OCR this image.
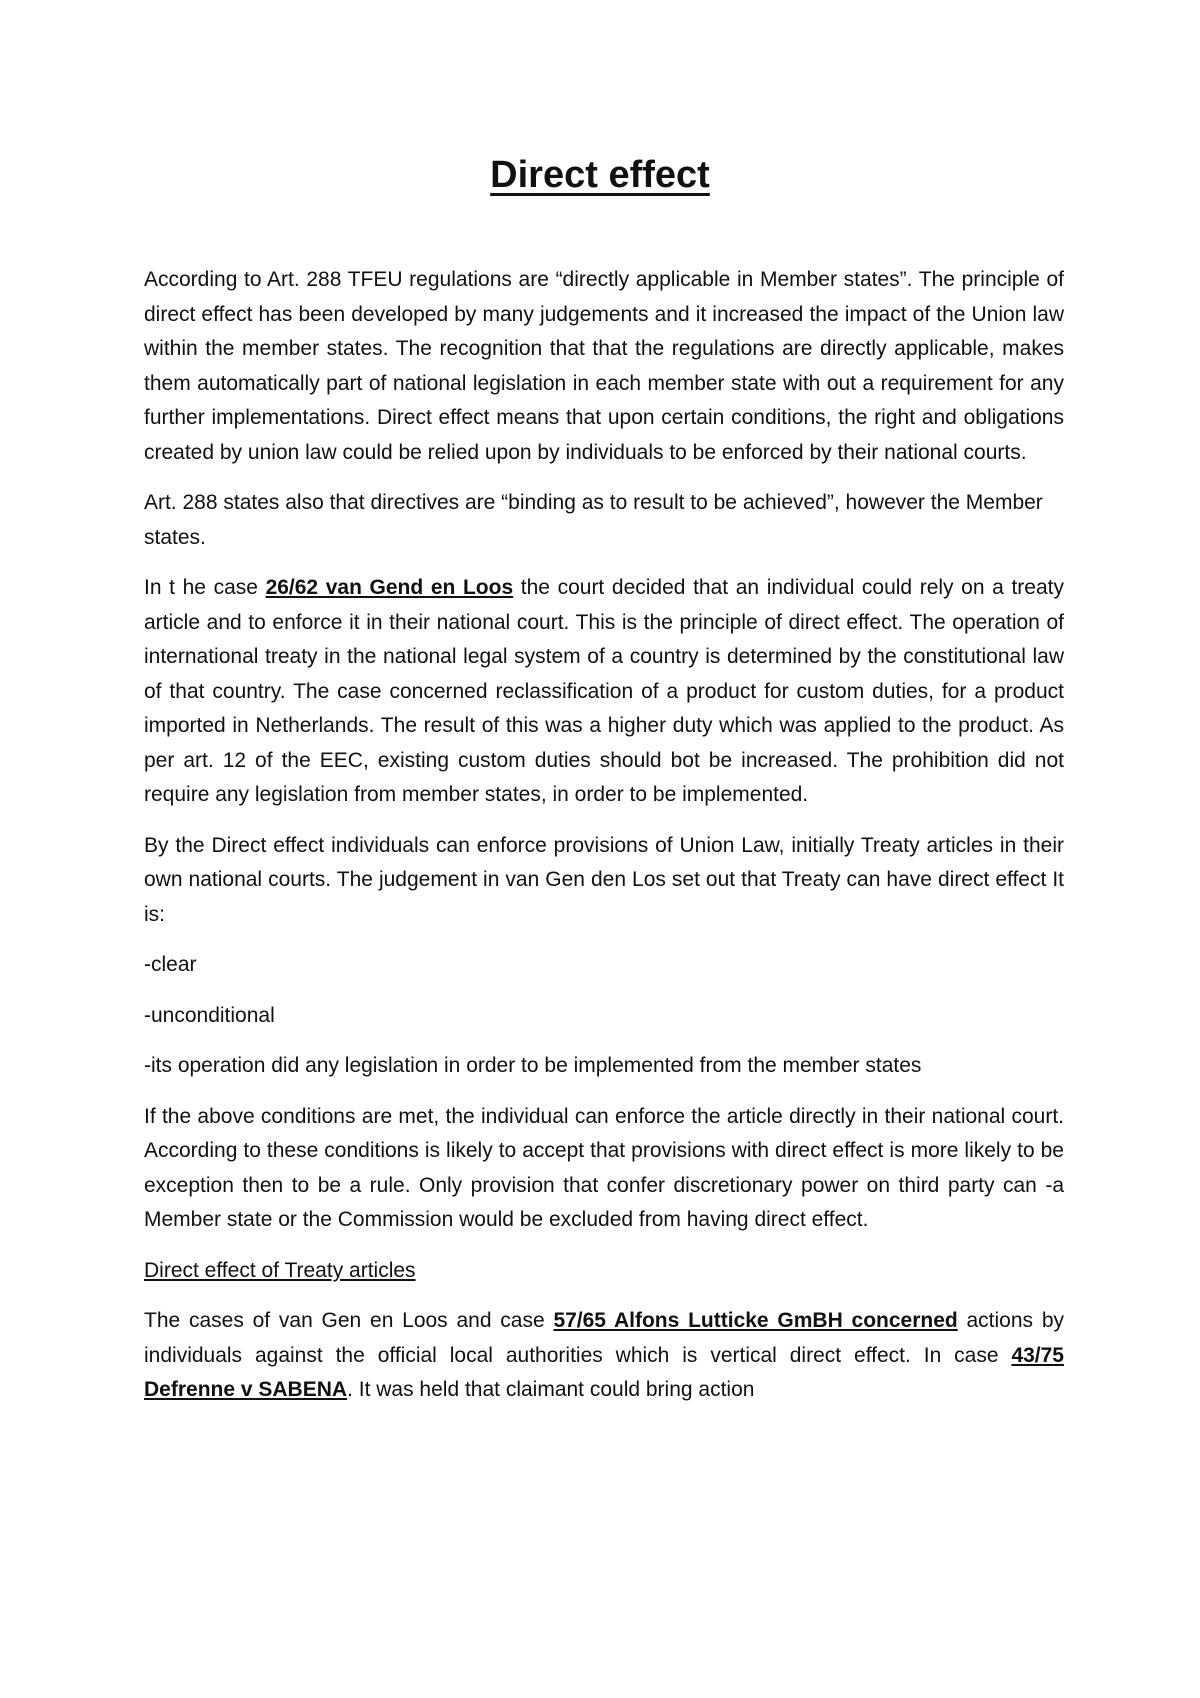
Direct effect

According to Art. 288 TFEU regulations are “directly applicable in Member states”. The principle of direct effect has been developed by many judgements and it increased the impact of the Union law within the member states. The recognition that that the regulations are directly applicable, makes them automatically part of national legislation in each member state with out a requirement for any further implementations. Direct effect means that upon certain conditions, the right and obligations created by union law could be relied upon by individuals to be enforced by their national courts.

Art. 288 states also that directives are “binding as to result to be achieved”, however the Member states.

In t he case 26/62 van Gend en Loos the court decided that an individual could rely on a treaty article and to enforce it in their national court. This is the principle of direct effect. The operation of international treaty in the national legal system of a country is determined by the constitutional law of that country. The case concerned reclassification of a product for custom duties, for a product imported in Netherlands. The result of this was a higher duty which was applied to the product. As per art. 12 of the EEC, existing custom duties should bot be increased. The prohibition did not require any legislation from member states, in order to be implemented.

By the Direct effect individuals can enforce provisions of Union Law, initially Treaty articles in their own national courts. The judgement in van Gen den Los set out that Treaty can have direct effect It is:

-clear

-unconditional

-its operation did any legislation in order to be implemented from the member states

If the above conditions are met, the individual can enforce the article directly in their national court. According to these conditions is likely to accept that provisions with direct effect is more likely to be exception then to be a rule. Only provision that confer discretionary power on third party can -a Member state or the Commission would be excluded from having direct effect.

Direct effect of Treaty articles

The cases of van Gen en Loos and case 57/65 Alfons Lutticke GmBH concerned actions by individuals against the official local authorities which is vertical direct effect. In case 43/75 Defrenne v SABENA. It was held that claimant could bring action
